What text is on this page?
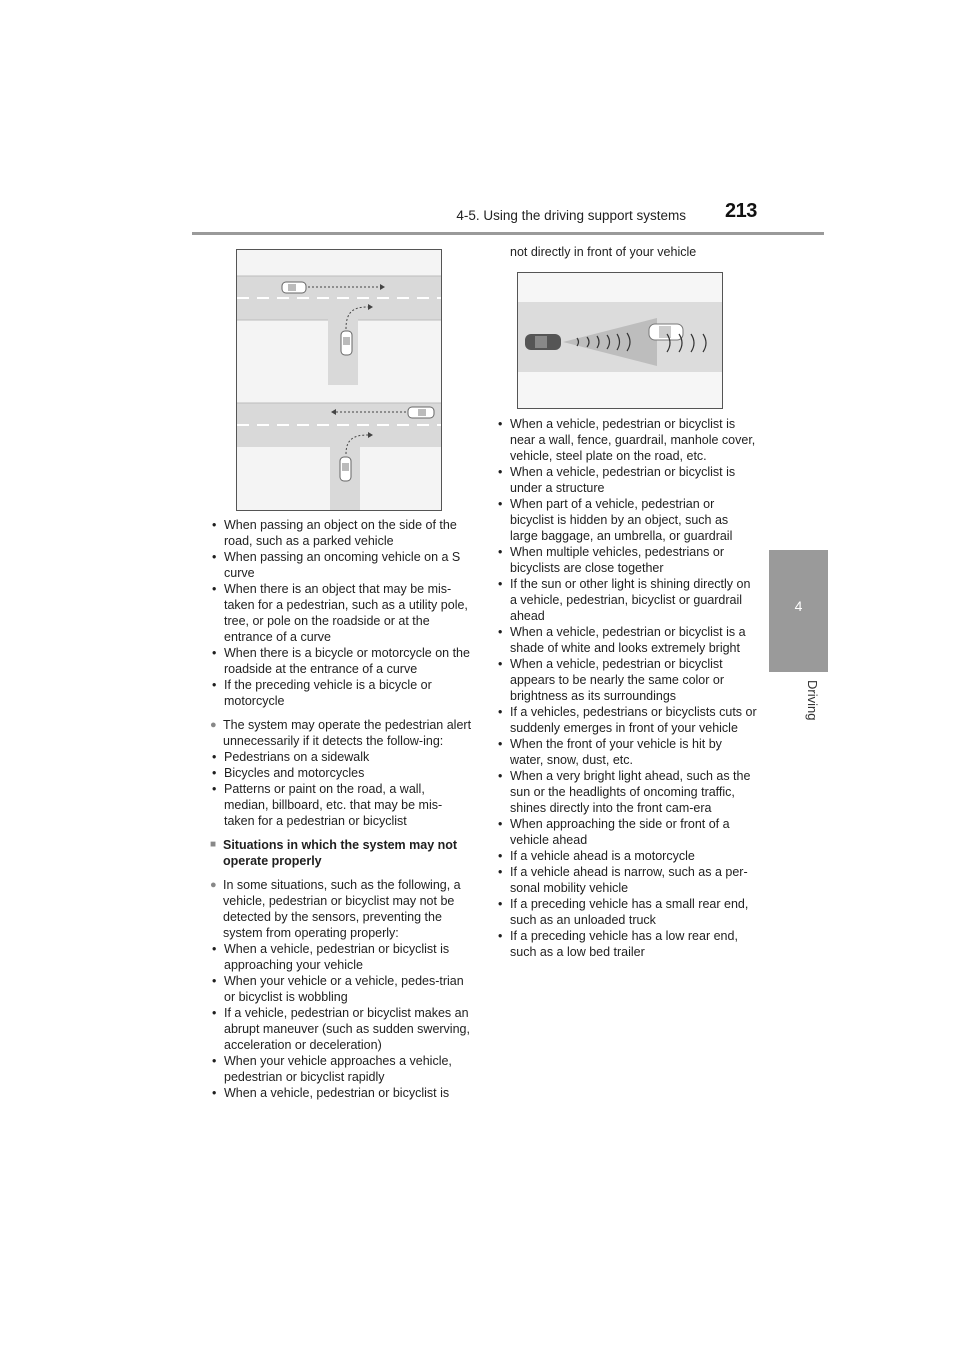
4-5. Using the driving support systems 213
4
Driving
not directly in front of your vehicle
• When passing an object on the side of the road, such as a parked vehicle
• When passing an oncoming vehicle on a S curve
• When there is an object that may be mis-taken for a pedestrian, such as a utility pole, tree, or pole on the roadside or at the entrance of a curve
• When there is a bicycle or motorcycle on the roadside at the entrance of a curve
• If the preceding vehicle is a bicycle or motorcycle
● The system may operate the pedestrian alert unnecessarily if it detects the follow-ing:
• Pedestrians on a sidewalk
• Bicycles and motorcycles
• Patterns or paint on the road, a wall, median, billboard, etc. that may be mis-taken for a pedestrian or bicyclist
■ Situations in which the system may not operate properly
● In some situations, such as the following, a vehicle, pedestrian or bicyclist may not be detected by the sensors, preventing the system from operating properly:
• When a vehicle, pedestrian or bicyclist is approaching your vehicle
• When your vehicle or a vehicle, pedes-trian or bicyclist is wobbling
• If a vehicle, pedestrian or bicyclist makes an abrupt maneuver (such as sudden swerving, acceleration or deceleration)
• When your vehicle approaches a vehicle, pedestrian or bicyclist rapidly
• When a vehicle, pedestrian or bicyclist is
• When a vehicle, pedestrian or bicyclist is near a wall, fence, guardrail, manhole cover, vehicle, steel plate on the road, etc.
• When a vehicle, pedestrian or bicyclist is under a structure
• When part of a vehicle, pedestrian or bicyclist is hidden by an object, such as large baggage, an umbrella, or guardrail
• When multiple vehicles, pedestrians or bicyclists are close together
• If the sun or other light is shining directly on a vehicle, pedestrian, bicyclist or guardrail ahead
• When a vehicle, pedestrian or bicyclist is a shade of white and looks extremely bright
• When a vehicle, pedestrian or bicyclist appears to be nearly the same color or brightness as its surroundings
• If a vehicles, pedestrians or bicyclists cuts or suddenly emerges in front of your vehicle
• When the front of your vehicle is hit by water, snow, dust, etc.
• When a very bright light ahead, such as the sun or the headlights of oncoming traffic, shines directly into the front cam-era
• When approaching the side or front of a vehicle ahead
• If a vehicle ahead is a motorcycle
• If a vehicle ahead is narrow, such as a per-sonal mobility vehicle
• If a preceding vehicle has a small rear end, such as an unloaded truck
• If a preceding vehicle has a low rear end, such as a low bed trailer
